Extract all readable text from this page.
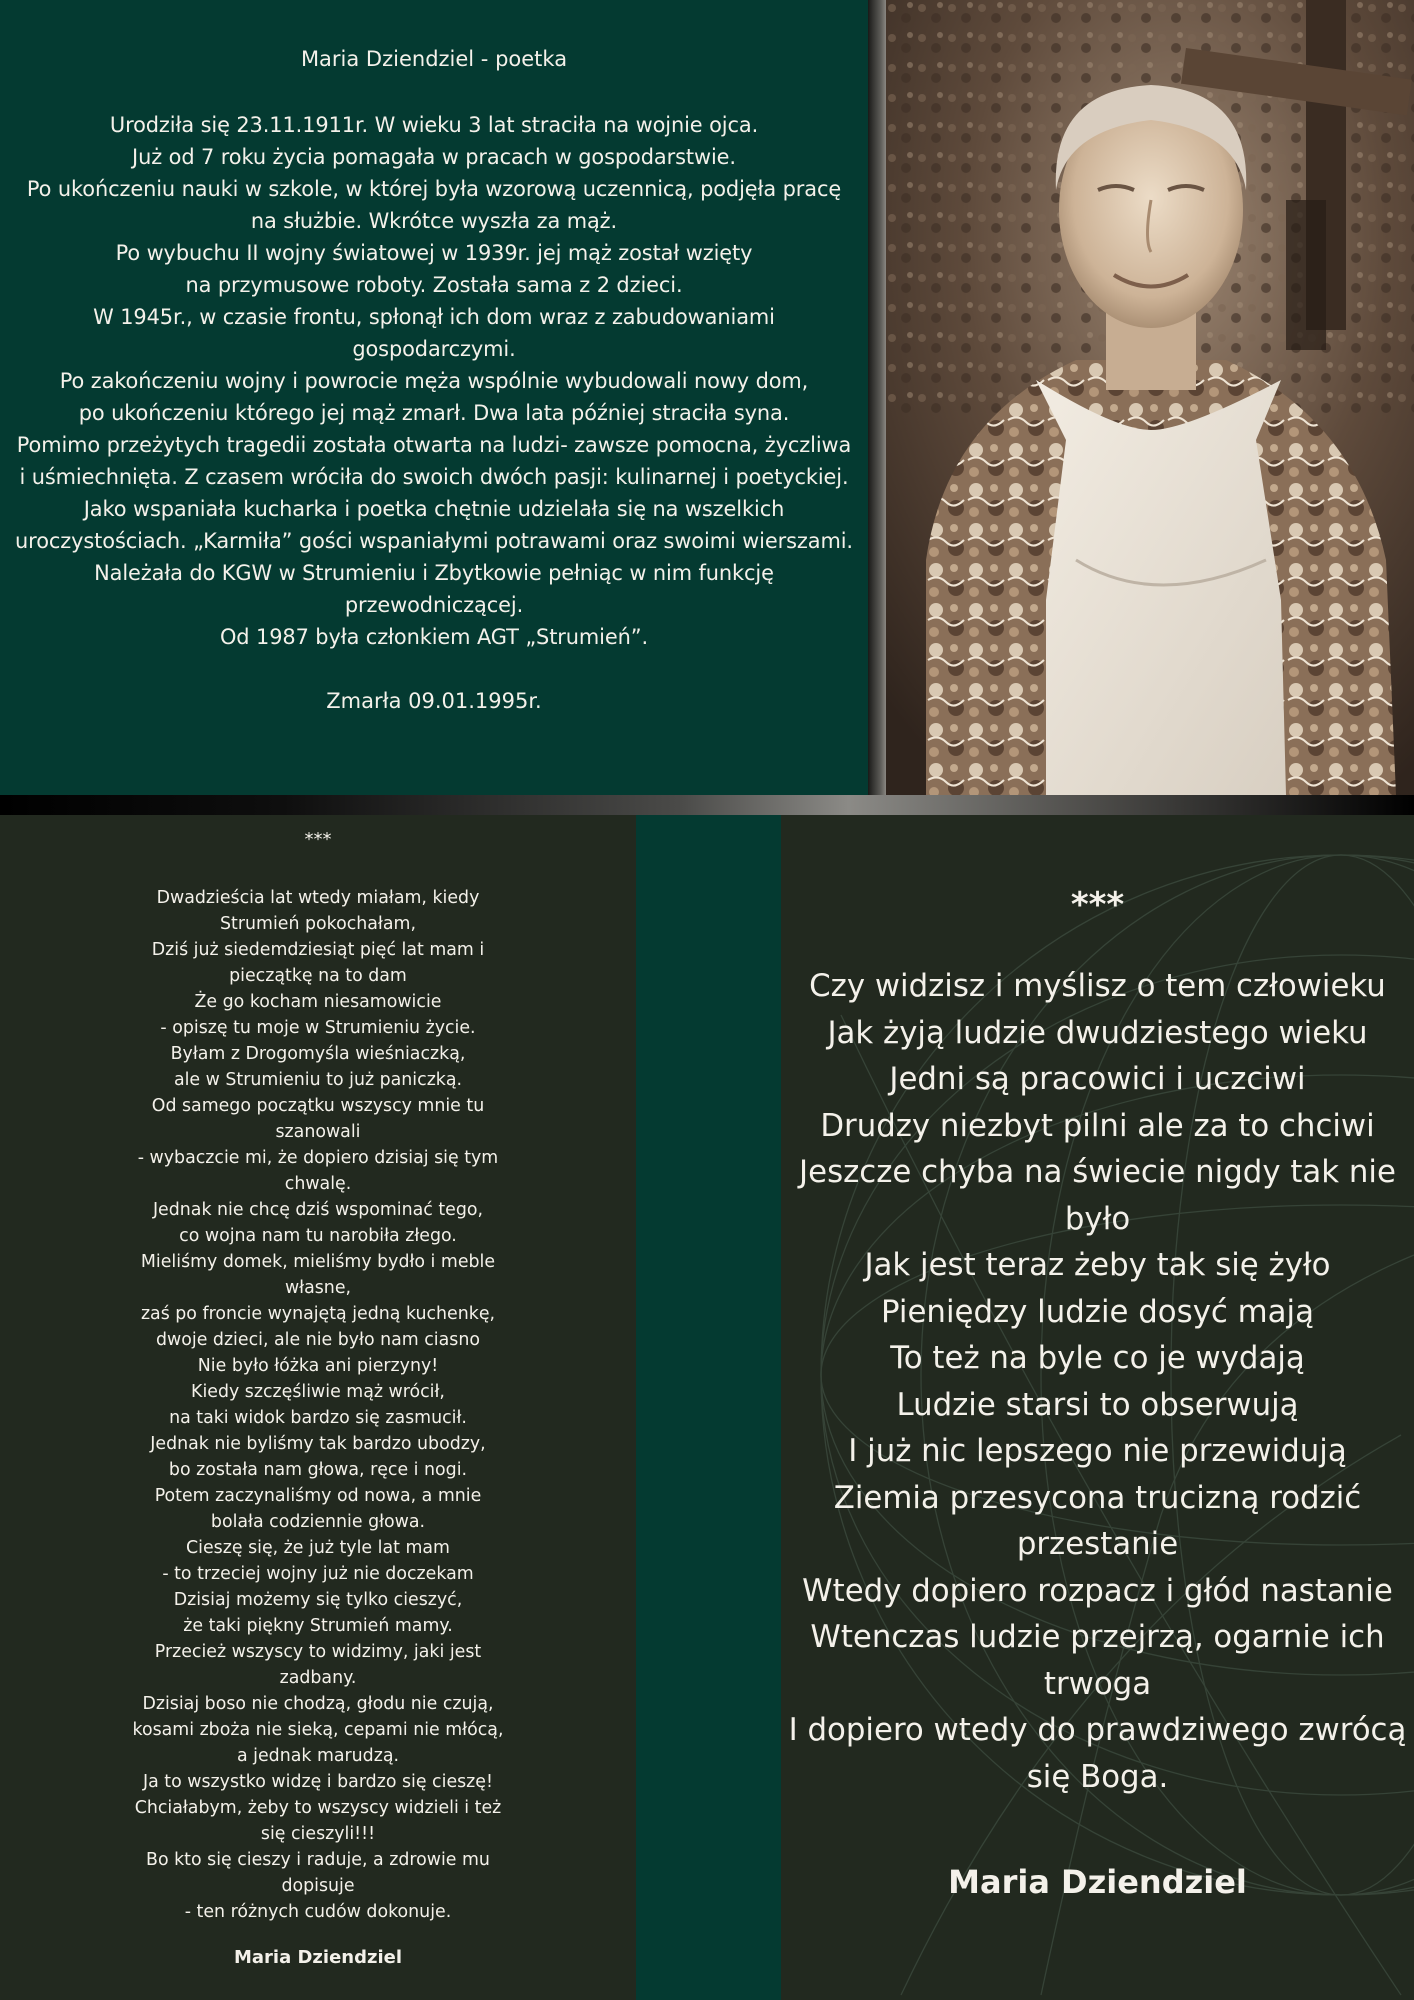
Maria Dziendziel - poetka
Urodziła się 23.11.1911r. W wieku 3 lat straciła na wojnie ojca.
Już od 7 roku życia pomagała w pracach w gospodarstwie.
Po ukończeniu nauki w szkole, w której była wzorową uczennicą, podjęła pracę
na służbie. Wkrótce wyszła za mąż.
Po wybuchu II wojny światowej w 1939r. jej mąż został wzięty
na przymusowe roboty. Została sama z 2 dzieci.
W 1945r., w czasie frontu, spłonął ich dom wraz z zabudowaniami
gospodarczymi.
Po zakończeniu wojny i powrocie męża wspólnie wybudowali nowy dom,
po ukończeniu którego jej mąż zmarł. Dwa lata później straciła syna.
Pomimo przeżytych tragedii została otwarta na ludzi- zawsze pomocna, życzliwa
i uśmiechnięta. Z czasem wróciła do swoich dwóch pasji: kulinarnej i poetyckiej.
Jako wspaniała kucharka i poetka chętnie udzielała się na wszelkich
uroczystościach. „Karmiła” gości wspaniałymi potrawami oraz swoimi wierszami.
Należała do KGW w Strumieniu i Zbytkowie pełniąc w nim funkcję
przewodniczącej.
Od 1987 była członkiem AGT „Strumień”.
Zmarła 09.01.1995r.
***
Dwadzieścia lat wtedy miałam, kiedy
Strumień pokochałam,
Dziś już siedemdziesiąt pięć lat mam i
pieczątkę na to dam
Że go kocham niesamowicie
- opiszę tu moje w Strumieniu życie.
Byłam z Drogomyśla wieśniaczką,
ale w Strumieniu to już paniczką.
Od samego początku wszyscy mnie tu
szanowali
- wybaczcie mi, że dopiero dzisiaj się tym
chwalę.
Jednak nie chcę dziś wspominać tego,
co wojna nam tu narobiła złego.
Mieliśmy domek, mieliśmy bydło i meble
własne,
zaś po froncie wynajętą jedną kuchenkę,
dwoje dzieci, ale nie było nam ciasno
Nie było łóżka ani pierzyny!
Kiedy szczęśliwie mąż wrócił,
na taki widok bardzo się zasmucił.
Jednak nie byliśmy tak bardzo ubodzy,
bo została nam głowa, ręce i nogi.
Potem zaczynaliśmy od nowa, a mnie
bolała codziennie głowa.
Cieszę się, że już tyle lat mam
- to trzeciej wojny już nie doczekam
Dzisiaj możemy się tylko cieszyć,
że taki piękny Strumień mamy.
Przecież wszyscy to widzimy, jaki jest
zadbany.
Dzisiaj boso nie chodzą, głodu nie czują,
kosami zboża nie sieką, cepami nie młócą,
a jednak marudzą.
Ja to wszystko widzę i bardzo się cieszę!
Chciałabym, żeby to wszyscy widzieli i też
się cieszyli!!!
Bo kto się cieszy i raduje, a zdrowie mu
dopisuje
- ten różnych cudów dokonuje.
Maria Dziendziel
***
Czy widzisz i myślisz o tem człowieku
Jak żyją ludzie dwudziestego wieku
Jedni są pracowici i uczciwi
Drudzy niezbyt pilni ale za to chciwi
Jeszcze chyba na świecie nigdy tak nie
było
Jak jest teraz żeby tak się żyło
Pieniędzy ludzie dosyć mają
To też na byle co je wydają
Ludzie starsi to obserwują
I już nic lepszego nie przewidują
Ziemia przesycona trucizną rodzić
przestanie
Wtedy dopiero rozpacz i głód nastanie
Wtenczas ludzie przejrzą, ogarnie ich
trwoga
I dopiero wtedy do prawdziwego zwrócą
się Boga.
Maria Dziendziel
